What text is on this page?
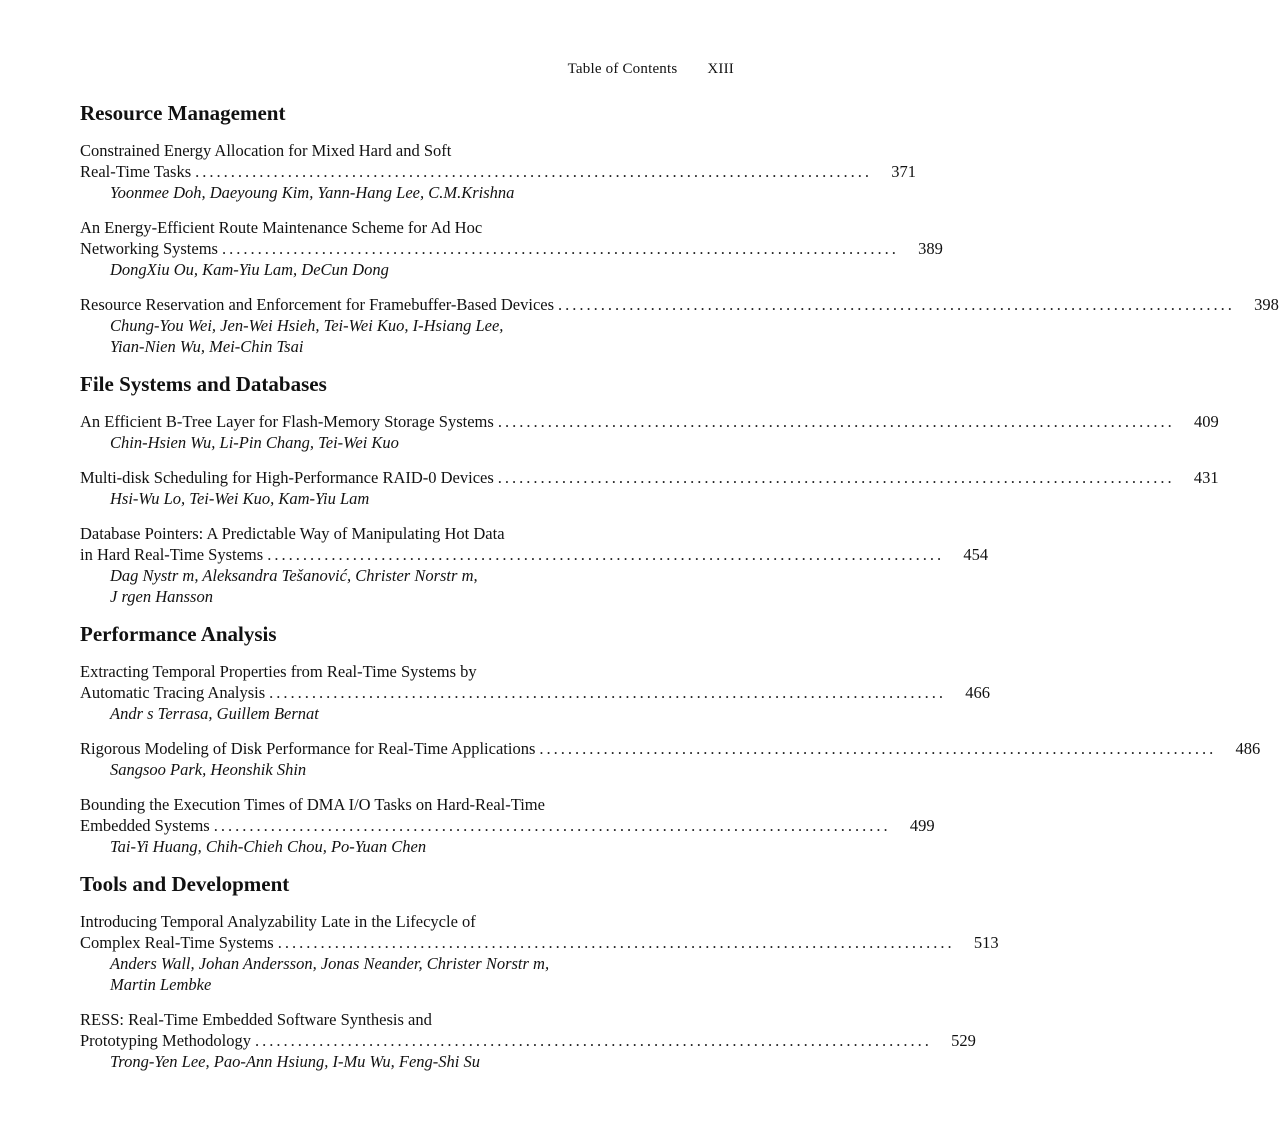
Table of Contents XIII
Resource Management
Constrained Energy Allocation for Mixed Hard and Soft
Real-Time Tasks ...............................................................................................	371
Yoonmee Doh, Daeyoung Kim, Yann-Hang Lee, C.M.Krishna
An Energy-Efficient Route Maintenance Scheme for Ad Hoc
Networking Systems ...............................................................................................	389
DongXiu Ou, Kam-Yiu Lam, DeCun Dong
Resource Reservation and Enforcement for Framebuffer-Based Devices ...............................................................................................	398
Chung-You Wei, Jen-Wei Hsieh, Tei-Wei Kuo, I-Hsiang Lee,
Yian-Nien Wu, Mei-Chin Tsai
File Systems and Databases
An Efficient B-Tree Layer for Flash-Memory Storage Systems ...............................................................................................	409
Chin-Hsien Wu, Li-Pin Chang, Tei-Wei Kuo
Multi-disk Scheduling for High-Performance RAID-0 Devices ...............................................................................................	431
Hsi-Wu Lo, Tei-Wei Kuo, Kam-Yiu Lam
Database Pointers: A Predictable Way of Manipulating Hot Data
in Hard Real-Time Systems ...............................................................................................	454
Dag Nystr m, Aleksandra Tešanović, Christer Norstr m,
J rgen Hansson
Performance Analysis
Extracting Temporal Properties from Real-Time Systems by
Automatic Tracing Analysis ...............................................................................................	466
Andr s Terrasa, Guillem Bernat
Rigorous Modeling of Disk Performance for Real-Time Applications ...............................................................................................	486
Sangsoo Park, Heonshik Shin
Bounding the Execution Times of DMA I/O Tasks on Hard-Real-Time
Embedded Systems ...............................................................................................	499
Tai-Yi Huang, Chih-Chieh Chou, Po-Yuan Chen
Tools and Development
Introducing Temporal Analyzability Late in the Lifecycle of
Complex Real-Time Systems ...............................................................................................	513
Anders Wall, Johan Andersson, Jonas Neander, Christer Norstr m,
Martin Lembke
RESS: Real-Time Embedded Software Synthesis and
Prototyping Methodology ...............................................................................................	529
Trong-Yen Lee, Pao-Ann Hsiung, I-Mu Wu, Feng-Shi Su
